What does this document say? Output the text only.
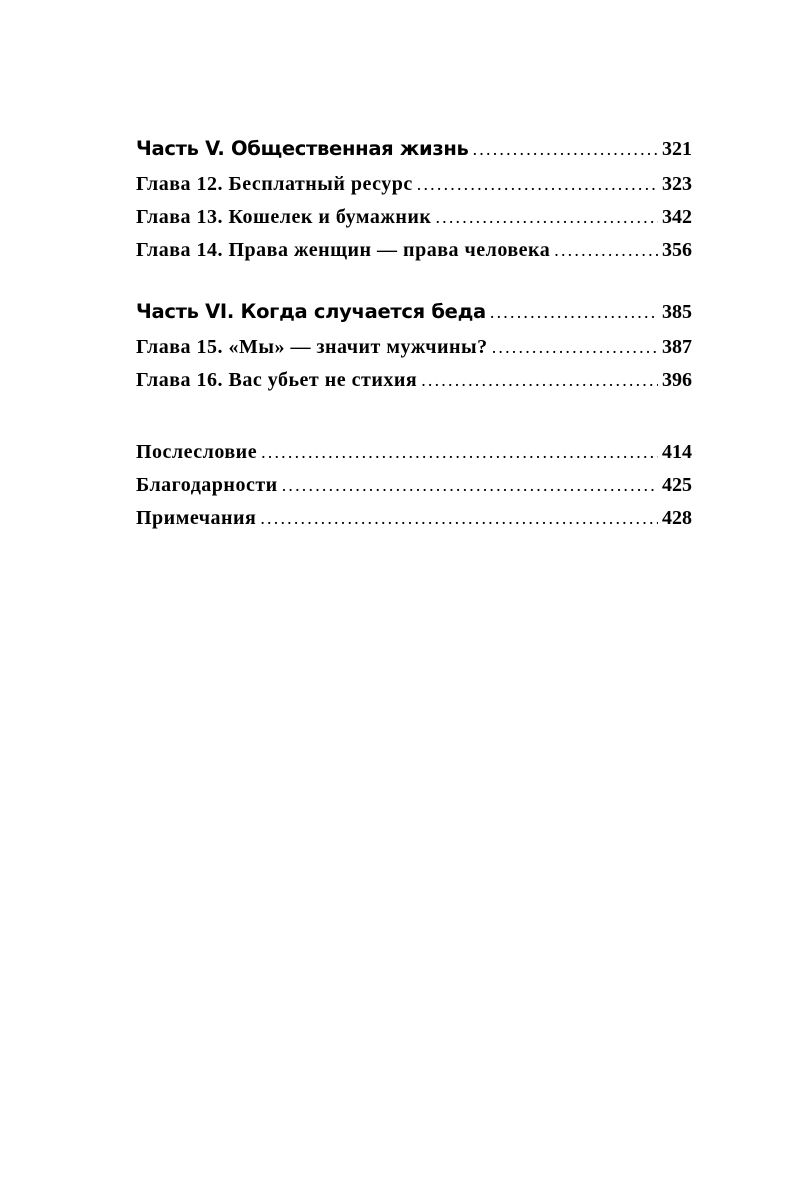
Часть V. Общественная жизнь . . .	321
Глава 12. Бесплатный ресурс . . .	323
Глава 13. Кошелек и бумажник . . .	342
Глава 14. Права женщин — права человека . . .	356
Часть VI. Когда случается беда . . .	385
Глава 15. «Мы» — значит мужчины? . . .	387
Глава 16. Вас убьет не стихия . . .	396
Послесловие . . .	414
Благодарности . . .	425
Примечания . . .	428
